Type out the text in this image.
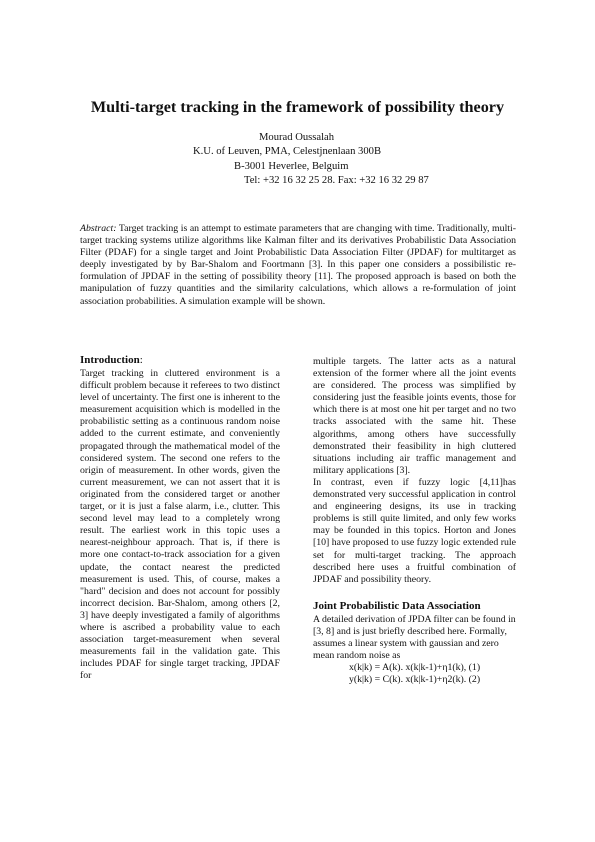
Multi-target tracking in the framework of possibility theory
Mourad Oussalah
K.U. of Leuven, PMA, Celestjnenlaan 300B
B-3001 Heverlee, Belguim
Tel: +32 16 32 25 28. Fax: +32 16 32 29 87
Abstract: Target tracking is an attempt to estimate parameters that are changing with time. Traditionally, multi-target tracking systems utilize algorithms like Kalman filter and its derivatives Probabilistic Data Association Filter (PDAF) for a single target and Joint Probabilistic Data Association Filter (JPDAF) for multitarget as deeply investigated by by Bar-Shalom and Foortmann [3]. In this paper one considers a possibilistic re-formulation of JPDAF in the setting of possibility theory [11]. The proposed approach is based on both the manipulation of fuzzy quantities and the similarity calculations, which allows a re-formulation of joint association probabilities. A simulation example will be shown.
Introduction:

Target tracking in cluttered environment is a difficult problem because it referees to two distinct level of uncertainty. The first one is inherent to the measurement acquisition which is modelled in the probabilistic setting as a continuous random noise added to the current estimate, and conveniently propagated through the mathematical model of the considered system. The second one refers to the origin of measurement. In other words, given the current measurement, we can not assert that it is originated from the considered target or another target, or it is just a false alarm, i.e., clutter. This second level may lead to a completely wrong result. The earliest work in this topic uses a nearest-neighbour approach. That is, if there is more one contact-to-track association for a given update, the contact nearest the predicted measurement is used. This, of course, makes a "hard" decision and does not account for possibly incorrect decision. Bar-Shalom, among others [2, 3] have deeply investigated a family of algorithms where is ascribed a probability value to each association target-measurement when several measurements fail in the validation gate. This includes PDAF for single target tracking, JPDAF for

multiple targets. The latter acts as a natural extension of the former where all the joint events are considered. The process was simplified by considering just the feasible joints events, those for which there is at most one hit per target and no two tracks associated with the same hit. These algorithms, among others have successfully demonstrated their feasibility in high cluttered situations including air traffic management and military applications [3].

In contrast, even if fuzzy logic [4,11]has demonstrated very successful application in control and engineering designs, its use in tracking problems is still quite limited, and only few works may be founded in this topics. Horton and Jones [10] have proposed to use fuzzy logic extended rule set for multi-target tracking. The approach described here uses a fruitful combination of JPDAF and possibility theory.

Joint Probabilistic Data Association

A detailed derivation of JPDA filter can be found in [3, 8] and is just briefly described here. Formally, assumes a linear system with gaussian and zero mean random noise as

x(k|k) = A(k). x(k|k-1)+η1(k), (1)

y(k|k) = C(k). x(k|k-1)+η2(k). (2)
